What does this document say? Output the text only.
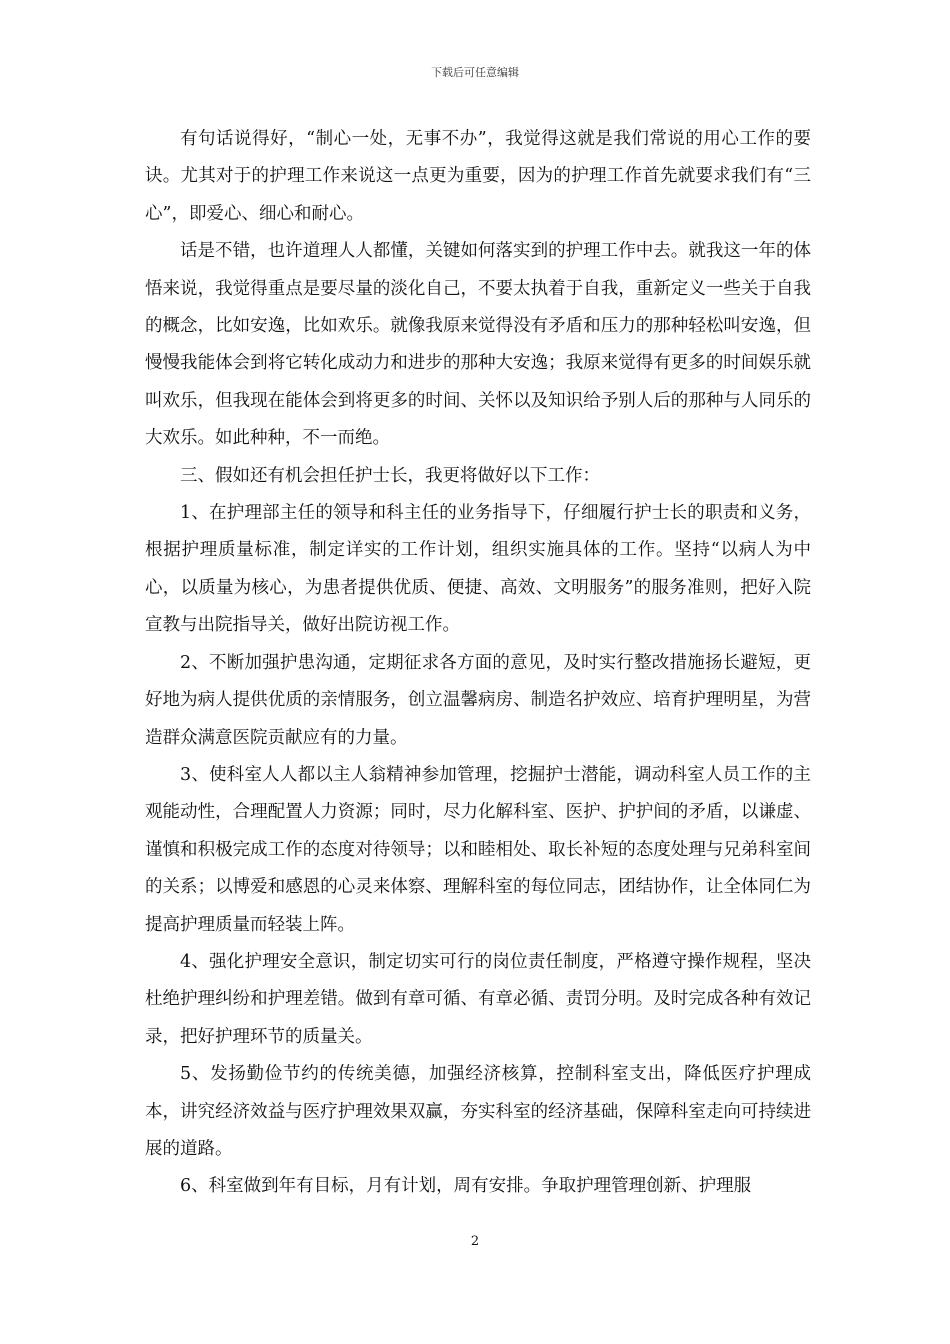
下载后可任意编辑

有句话说得好，“制心一处，无事不办”，我觉得这就是我们常说的用心工作的要诀。尤其对于的护理工作来说这一点更为重要，因为的护理工作首先就要求我们有“三心”，即爱心、细心和耐心。

话是不错，也许道理人人都懂，关键如何落实到的护理工作中去。就我这一年的体悟来说，我觉得重点是要尽量的淡化自己，不要太执着于自我，重新定义一些关于自我的概念，比如安逸，比如欢乐。就像我原来觉得没有矛盾和压力的那种轻松叫安逸，但慢慢我能体会到将它转化成动力和进步的那种大安逸；我原来觉得有更多的时间娱乐就叫欢乐，但我现在能体会到将更多的时间、关怀以及知识给予别人后的那种与人同乐的大欢乐。如此种种，不一而绝。

三、假如还有机会担任护士长，我更将做好以下工作：

1、在护理部主任的领导和科主任的业务指导下，仔细履行护士长的职责和义务，根据护理质量标准，制定详实的工作计划，组织实施具体的工作。坚持“以病人为中心，以质量为核心，为患者提供优质、便捷、高效、文明服务”的服务准则，把好入院宣教与出院指导关，做好出院访视工作。

2、不断加强护患沟通，定期征求各方面的意见，及时实行整改措施扬长避短，更好地为病人提供优质的亲情服务，创立温馨病房、制造名护效应、培育护理明星，为营造群众满意医院贡献应有的力量。

3、使科室人人都以主人翁精神参加管理，挖掘护士潜能，调动科室人员工作的主观能动性，合理配置人力资源；同时，尽力化解科室、医护、护护间的矛盾，以谦虚、谨慎和积极完成工作的态度对待领导；以和睦相处、取长补短的态度处理与兄弟科室间的关系；以博爱和感恩的心灵来体察、理解科室的每位同志，团结协作，让全体同仁为提高护理质量而轻装上阵。

4、强化护理安全意识，制定切实可行的岗位责任制度，严格遵守操作规程，坚决杜绝护理纠纷和护理差错。做到有章可循、有章必循、责罚分明。及时完成各种有效记录，把好护理环节的质量关。

5、发扬勤俭节约的传统美德，加强经济核算，控制科室支出，降低医疗护理成本，讲究经济效益与医疗护理效果双赢，夯实科室的经济基础，保障科室走向可持续进展的道路。

6、科室做到年有目标，月有计划，周有安排。争取护理管理创新、护理服

2
